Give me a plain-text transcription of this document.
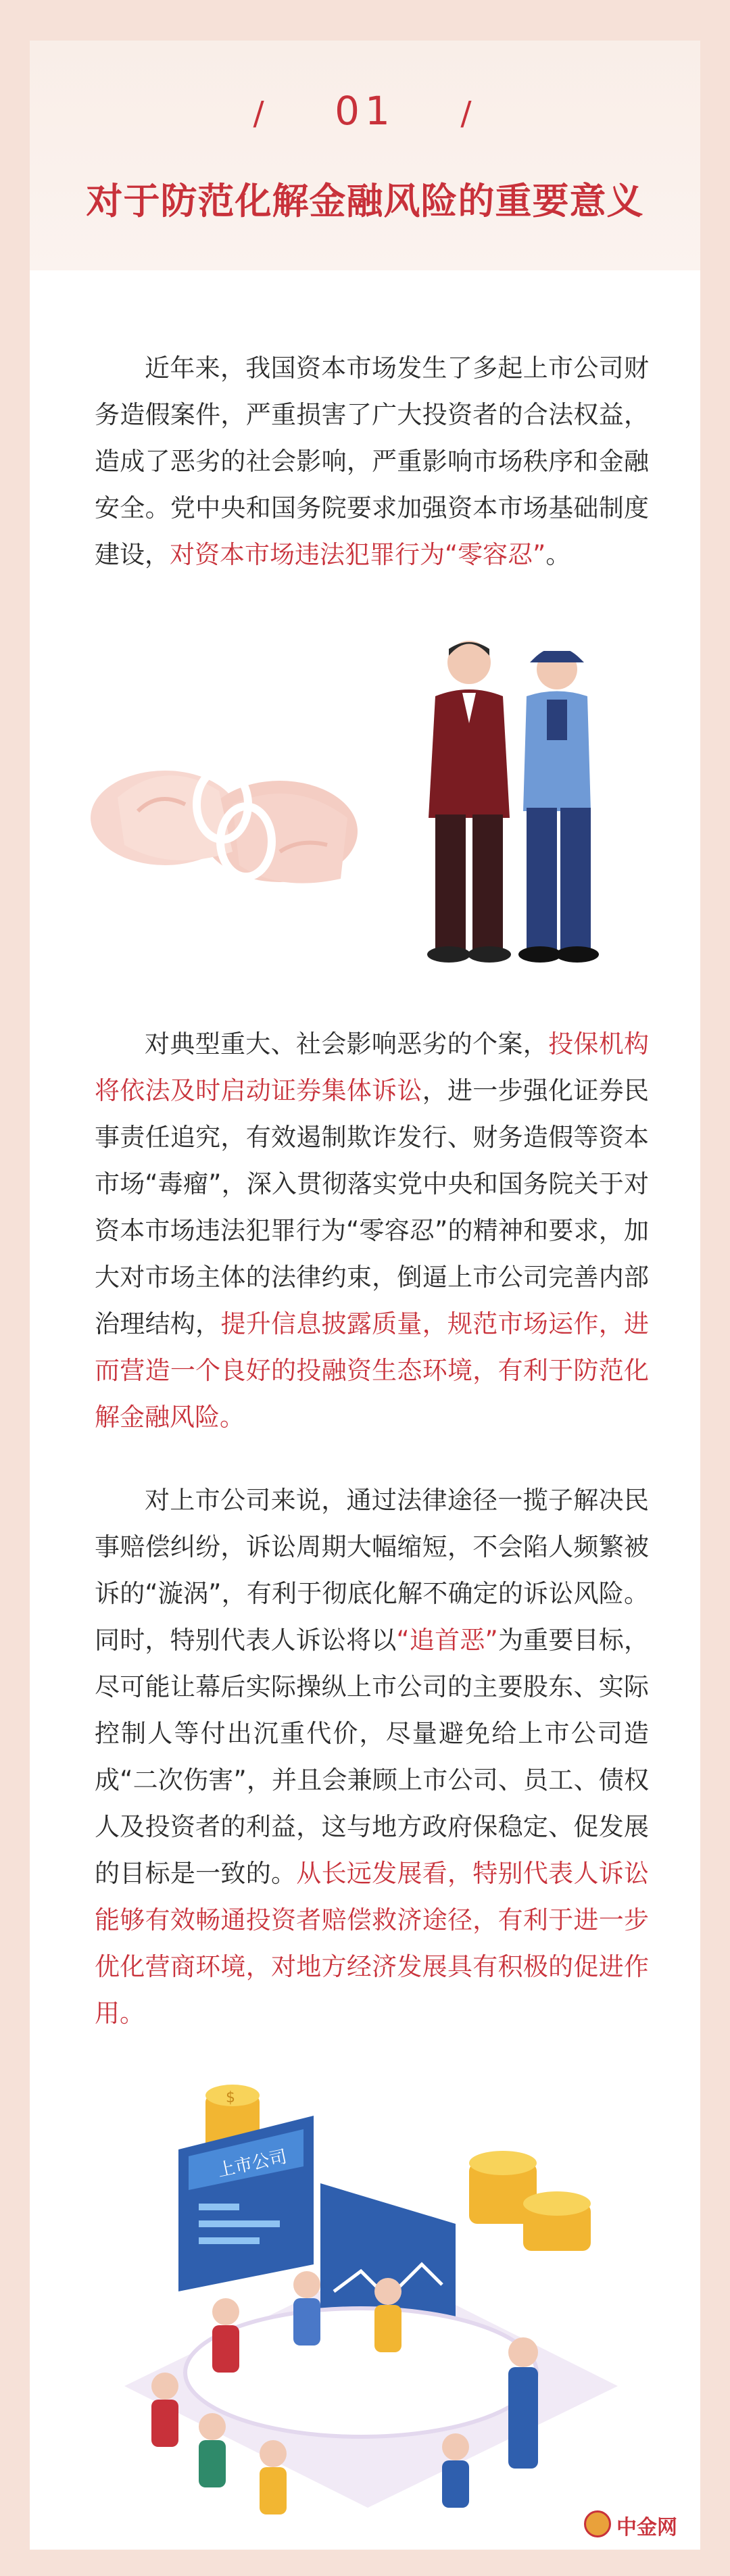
/ 01 /
对于防范化解金融风险的重要意义

近年来，我国资本市场发生了多起上市公司财务造假案件，严重损害了广大投资者的合法权益，造成了恶劣的社会影响，严重影响市场秩序和金融安全。党中央和国务院要求加强资本市场基础制度建设，对资本市场违法犯罪行为“零容忍”。

对典型重大、社会影响恶劣的个案，投保机构将依法及时启动证券集体诉讼，进一步强化证券民事责任追究，有效遏制欺诈发行、财务造假等资本市场“毒瘤”，深入贯彻落实党中央和国务院关于对资本市场违法犯罪行为“零容忍”的精神和要求，加大对市场主体的法律约束，倒逼上市公司完善内部治理结构，提升信息披露质量，规范市场运作，进而营造一个良好的投融资生态环境，有利于防范化解金融风险。

对上市公司来说，通过法律途径一揽子解决民事赔偿纠纷，诉讼周期大幅缩短，不会陷人频繁被诉的“漩涡”，有利于彻底化解不确定的诉讼风险。同时，特别代表人诉讼将以“追首恶”为重要目标，尽可能让幕后实际操纵上市公司的主要股东、实际控制人等付出沉重代价，尽量避免给上市公司造成“二次伤害”，并且会兼顾上市公司、员工、债权人及投资者的利益，这与地方政府保稳定、促发展的目标是一致的。从长远发展看，特别代表人诉讼能够有效畅通投资者赔偿救济途径，有利于进一步优化营商环境，对地方经济发展具有积极的促进作用。

$
上市公司
中金网
